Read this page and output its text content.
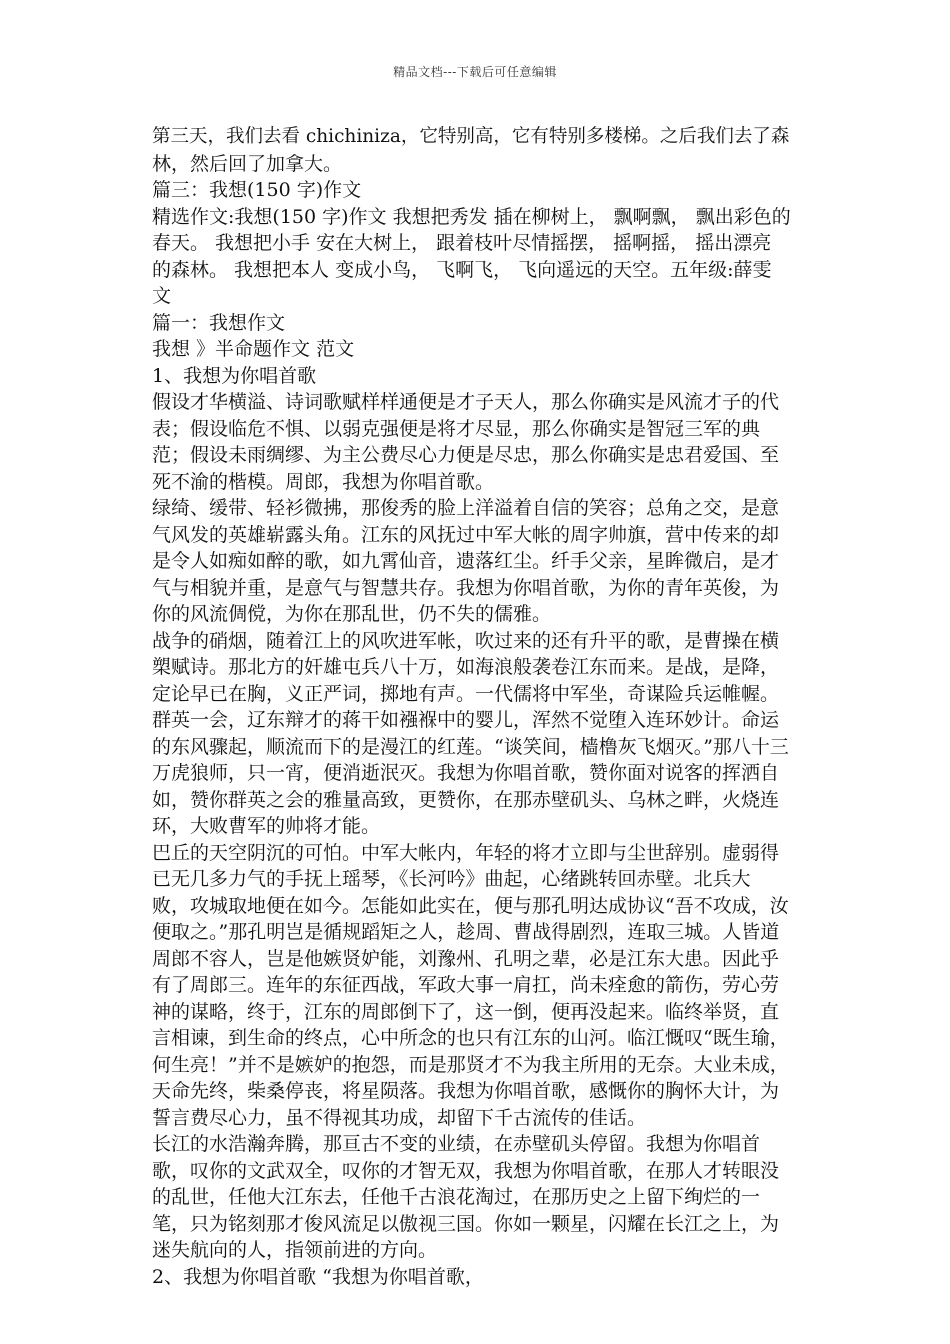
精品文档---下载后可任意编辑
第三天，我们去看 chichiniza，它特别高，它有特别多楼梯。之后我们去了森
林，然后回了加拿大。
篇三：我想(150 字)作文
精选作文:我想(150 字)作文 我想把秀发 插在柳树上， 飘啊飘， 飘出彩色的
春天。 我想把小手 安在大树上， 跟着枝叶尽情摇摆， 摇啊摇， 摇出漂亮
的森林。 我想把本人 变成小鸟， 飞啊飞， 飞向遥远的天空。五年级:薛雯
文
篇一：我想作文
我想 》半命题作文 范文
1、我想为你唱首歌
假设才华横溢、诗词歌赋样样通便是才子天人，那么你确实是风流才子的代
表；假设临危不惧、以弱克强便是将才尽显，那么你确实是智冠三军的典
范；假设未雨绸缪、为主公费尽心力便是尽忠，那么你确实是忠君爱国、至
死不渝的楷模。周郎，我想为你唱首歌。
绿绮、缓带、轻衫微拂，那俊秀的脸上洋溢着自信的笑容；总角之交，是意
气风发的英雄崭露头角。江东的风抚过中军大帐的周字帅旗，营中传来的却
是令人如痴如醉的歌，如九霄仙音，遗落红尘。纤手父亲，星眸微启，是才
气与相貌并重，是意气与智慧共存。我想为你唱首歌，为你的青年英俊，为
你的风流倜傥，为你在那乱世，仍不失的儒雅。
战争的硝烟，随着江上的风吹进军帐，吹过来的还有升平的歌，是曹操在横
槊赋诗。那北方的奸雄屯兵八十万，如海浪般袭卷江东而来。是战，是降，
定论早已在胸，义正严词，掷地有声。一代儒将中军坐，奇谋险兵运帷幄。
群英一会，辽东辩才的蒋干如襁褓中的婴儿，浑然不觉堕入连环妙计。命运
的东风骤起，顺流而下的是漫江的红莲。“谈笑间，樯橹灰飞烟灭。”那八十三
万虎狼师，只一宵，便消逝泯灭。我想为你唱首歌，赞你面对说客的挥洒自
如，赞你群英之会的雅量高致，更赞你，在那赤壁矶头、乌林之畔，火烧连
环，大败曹军的帅将才能。
巴丘的天空阴沉的可怕。中军大帐内，年轻的将才立即与尘世辞别。虚弱得
已无几多力气的手抚上瑶琴，《长河吟》曲起，心绪跳转回赤壁。北兵大
败，攻城取地便在如今。怎能如此实在，便与那孔明达成协议“吾不攻成，汝
便取之。”那孔明岂是循规蹈矩之人，趁周、曹战得剧烈，连取三城。人皆道
周郎不容人，岂是他嫉贤妒能，刘豫州、孔明之辈，必是江东大患。因此乎
有了周郎三。连年的东征西战，军政大事一肩扛，尚未痊愈的箭伤，劳心劳
神的谋略，终于，江东的周郎倒下了，这一倒，便再没起来。临终举贤，直
言相谏，到生命的终点，心中所念的也只有江东的山河。临江慨叹“既生瑜，
何生亮！”并不是嫉妒的抱怨，而是那贤才不为我主所用的无奈。大业未成，
天命先终，柴桑停丧，将星陨落。我想为你唱首歌，感慨你的胸怀大计，为
誓言费尽心力，虽不得视其功成，却留下千古流传的佳话。
长江的水浩瀚奔腾，那亘古不变的业绩，在赤壁矶头停留。我想为你唱首
歌，叹你的文武双全，叹你的才智无双，我想为你唱首歌，在那人才转眼没
的乱世，任他大江东去，任他千古浪花淘过，在那历史之上留下绚烂的一
笔，只为铭刻那才俊风流足以傲视三国。你如一颗星，闪耀在长江之上，为
迷失航向的人，指领前进的方向。
2、我想为你唱首歌 “我想为你唱首歌，
